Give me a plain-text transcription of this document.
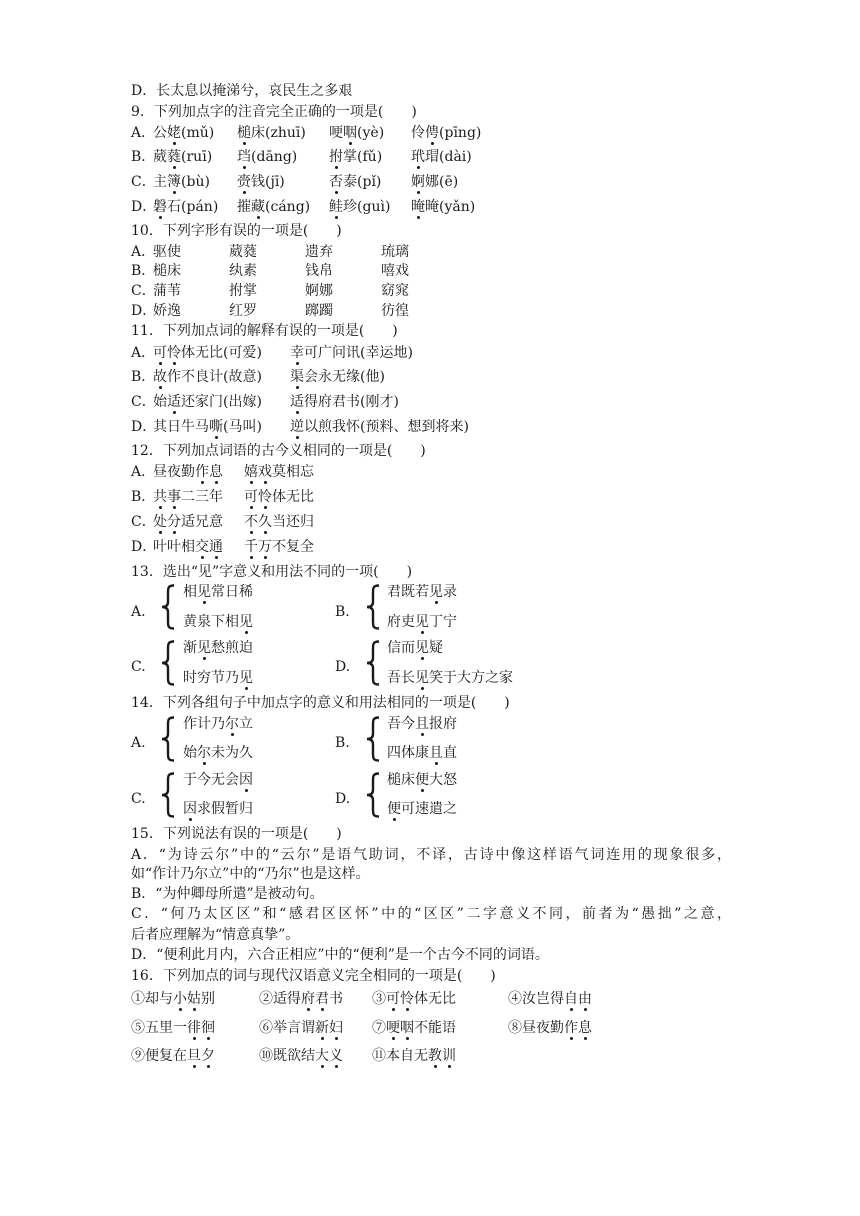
D．长太息以掩涕兮，哀民生之多艰
9．下列加点字的注音完全正确的一项是(　　)
A．
公姥(mǔ) 槌床(zhuī) 哽咽(yè) 伶俜(pīng)
B．
葳蕤(ruī) 珰(dāng) 拊掌(fǔ) 玳瑁(dài)
C．
主簿(bù) 赍钱(jī)	否泰(pǐ) 婀娜(ē)
D．
磐石(pán) 摧藏(cáng) 鲑珍(guì) 晻晻(yǎn)
10．下列字形有误的一项是(　　)
A．
驱使	葳蕤	遗弃	琉璃
B．
槌床	纨素	钱帛	嘻戏
C．
蒲苇	拊掌	婀娜	窈窕
D．
娇逸	红罗	踯躅	彷徨
11．下列加点词的解释有误的一项是(　　)
A．
可怜体无比(可爱) 幸可广问讯(幸运地)
B．
故作不良计(故意) 渠会永无缘(他)
C．
始适还家门(出嫁) 适得府君书(刚才)
D．
其日牛马嘶(马叫) 逆以煎我怀(预料、想到将来)
12．下列加点词语的古今义相同的一项是(　　)
A．
昼夜勤作息 嬉戏莫相忘
B．
共事二三年 可怜体无比
C．
处分适兄意 不久当还归
D．
叶叶相交通 千万不复全
13．选出“见”字意义和用法不同的一项(　　)
A.
相见常日稀
黄泉下相见
B.
君既若见录
府吏见丁宁
C.
渐见愁煎迫
时穷节乃见
D.
信而见疑
吾长见笑于大方之家
14．下列各组句子中加点字的意义和用法相同的一项是(　　)
A.
作计乃尔立
始尔未为久
B.
吾今且报府
四体康且直
C.
于今无会因
因求假暂归
D.
槌床便大怒
便可速遣之
15．下列说法有误的一项是(　　)
A．“为诗云尔”中的“云尔”是语气助词，不译，古诗中像这样语气词连用的现象很多，
如“作计乃尔立”中的“乃尔”也是这样。
B．“为仲卿母所遣”是被动句。
C．“何乃太区区”和“感君区区怀”中的“区区”二字意义不同，前者为“愚拙”之意，
后者应理解为“情意真挚”。
D．“便利此月内，六合正相应”中的“便利”是一个古今不同的词语。
16．下列加点的词与现代汉语意义完全相同的一项是(　　)
①却与小姑别	②适得府君书 ③可怜体无比	④汝岂得自由
⑤五里一徘徊	⑥举言谓新妇 ⑦哽咽不能语	⑧昼夜勤作息
⑨便复在旦夕	⑩既欲结大义 ⑪本自无教训
